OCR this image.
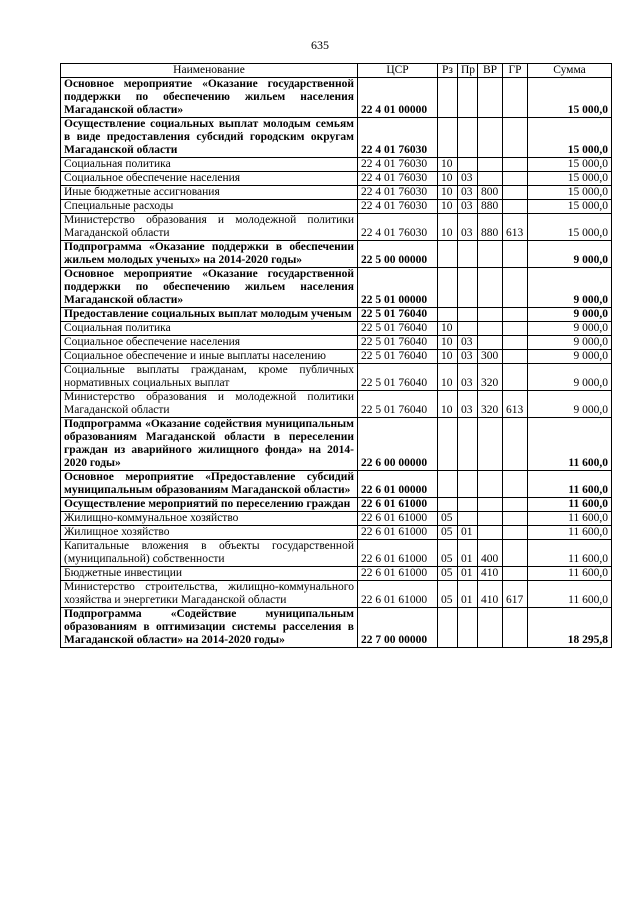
635
Наименование	ЦСР	Рз	Пр	ВР	ГР	Сумма
Основное мероприятие «Оказание государственной поддержки по обеспечению жильем населения Магаданской области»	22 4 01 00000					15 000,0
Осуществление социальных выплат молодым семьям в виде предоставления субсидий городским округам Магаданской области	22 4 01 76030					15 000,0
Социальная политика	22 4 01 76030	10				15 000,0
Социальное обеспечение населения	22 4 01 76030	10	03			15 000,0
Иные бюджетные ассигнования	22 4 01 76030	10	03	800		15 000,0
Специальные расходы	22 4 01 76030	10	03	880		15 000,0
Министерство образования и молодежной политики Магаданской области	22 4 01 76030	10	03	880	613	15 000,0
Подпрограмма «Оказание поддержки в обеспечении жильем молодых ученых» на 2014-2020 годы»	22 5 00 00000					9 000,0
Основное мероприятие «Оказание государственной поддержки по обеспечению жильем населения Магаданской области»	22 5 01 00000					9 000,0
Предоставление социальных выплат молодым ученым	22 5 01 76040					9 000,0
Социальная политика	22 5 01 76040	10				9 000,0
Социальное обеспечение населения	22 5 01 76040	10	03			9 000,0
Социальное обеспечение и иные выплаты населению	22 5 01 76040	10	03	300		9 000,0
Социальные выплаты гражданам, кроме публичных нормативных социальных выплат	22 5 01 76040	10	03	320		9 000,0
Министерство образования и молодежной политики Магаданской области	22 5 01 76040	10	03	320	613	9 000,0
Подпрограмма «Оказание содействия муниципальным образованиям Магаданской области в переселении граждан из аварийного жилищного фонда» на 2014-2020 годы»	22 6 00 00000					11 600,0
Основное мероприятие «Предоставление субсидий муниципальным образованиям Магаданской области»	22 6 01 00000					11 600,0
Осуществление мероприятий по переселению граждан	22 6 01 61000					11 600,0
Жилищно-коммунальное хозяйство	22 6 01 61000	05				11 600,0
Жилищное хозяйство	22 6 01 61000	05	01			11 600,0
Капитальные вложения в объекты государственной (муниципальной) собственности	22 6 01 61000	05	01	400		11 600,0
Бюджетные инвестиции	22 6 01 61000	05	01	410		11 600,0
Министерство строительства, жилищно-коммунального хозяйства и энергетики Магаданской области	22 6 01 61000	05	01	410	617	11 600,0
Подпрограмма «Содействие муниципальным образованиям в оптимизации системы расселения в Магаданской области» на 2014-2020 годы»	22 7 00 00000					18 295,8
